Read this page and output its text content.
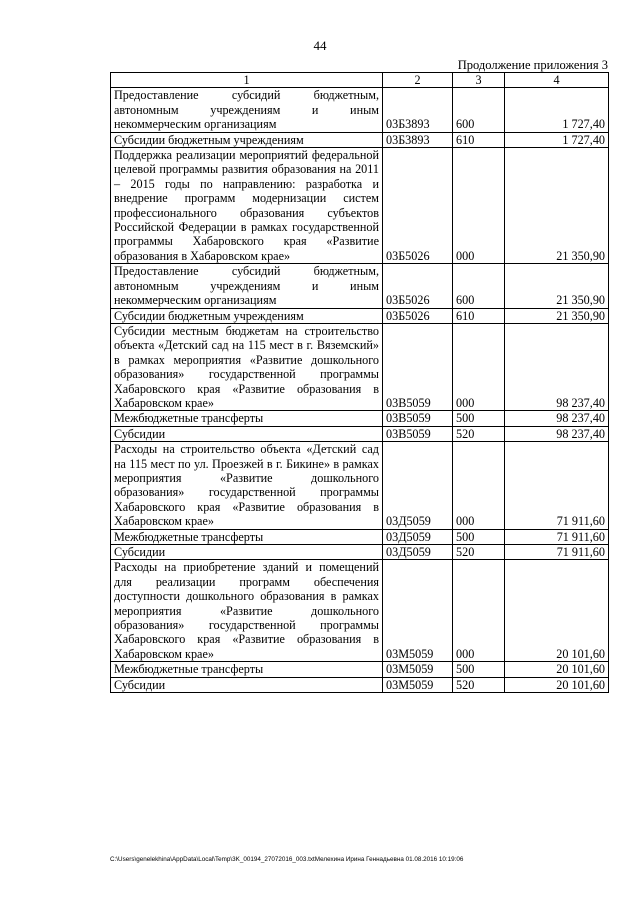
44
Продолжение приложения 3
1	2	3	4
Предоставление субсидий бюджетным, автономным учреждениям и иным некоммерческим организациям	03Б3893	600	1 727,40
Субсидии бюджетным учреждениям	03Б3893	610	1 727,40
Поддержка реализации мероприятий федеральной целевой программы развития образования на 2011 – 2015 годы по направлению: разработка и внедрение программ модернизации систем профессионального образования субъектов Российской Федерации в рамках государственной программы Хабаровского края «Развитие образования в Хабаровском крае»	03Б5026	000	21 350,90
Предоставление субсидий бюджетным, автономным учреждениям и иным некоммерческим организациям	03Б5026	600	21 350,90
Субсидии бюджетным учреждениям	03Б5026	610	21 350,90
Субсидии местным бюджетам на строительство объекта «Детский сад на 115 мест в г. Вяземский» в рамках мероприятия «Развитие дошкольного образования» государственной программы Хабаровского края «Развитие образования в Хабаровском крае»	03В5059	000	98 237,40
Межбюджетные трансферты	03В5059	500	98 237,40
Субсидии	03В5059	520	98 237,40
Расходы на строительство объекта «Детский сад на 115 мест по ул. Проезжей в г. Бикине» в рамках мероприятия «Развитие дошкольного образования» государственной программы Хабаровского края «Развитие образования в Хабаровском крае»	03Д5059	000	71 911,60
Межбюджетные трансферты	03Д5059	500	71 911,60
Субсидии	03Д5059	520	71 911,60
Расходы на приобретение зданий и помещений для реализации программ обеспечения доступности дошкольного образования в рамках мероприятия «Развитие дошкольного образования» государственной программы Хабаровского края «Развитие образования в Хабаровском крае»	03М5059	000	20 101,60
Межбюджетные трансферты	03М5059	500	20 101,60
Субсидии	03М5059	520	20 101,60
C:\Users\genelekhina\AppData\Local\Temp\3K_00194_27072016_003.txtМелехина Ирина Геннадьевна 01.08.2016 10:19:06
